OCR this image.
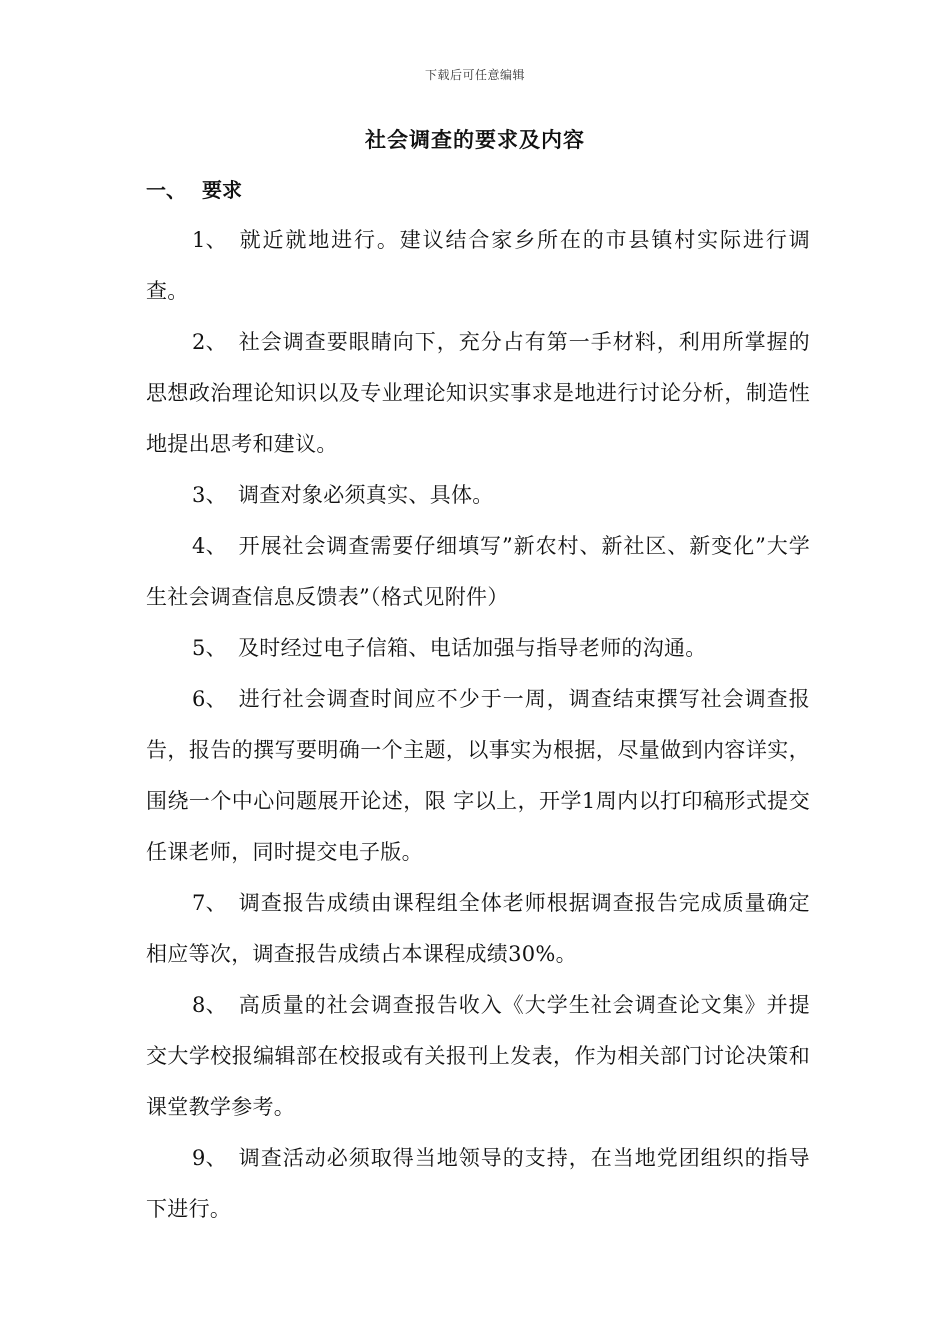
下载后可任意编辑
社会调查的要求及内容
一、 要求

1、 就近就地进行。建议结合家乡所在的市县镇村实际进行调查。

2、 社会调查要眼睛向下，充分占有第一手材料，利用所掌握的思想政治理论知识以及专业理论知识实事求是地进行讨论分析，制造性地提出思考和建议。

3、 调查对象必须真实、具体。

4、 开展社会调查需要仔细填写”新农村、新社区、新变化”大学生社会调查信息反馈表”（格式见附件）

5、 及时经过电子信箱、电话加强与指导老师的沟通。

6、 进行社会调查时间应不少于一周，调查结束撰写社会调查报告，报告的撰写要明确一个主题，以事实为根据，尽量做到内容详实，围绕一个中心问题展开论述，限 字以上，开学1周内以打印稿形式提交任课老师，同时提交电子版。

7、 调查报告成绩由课程组全体老师根据调查报告完成质量确定相应等次，调查报告成绩占本课程成绩30%。

8、 高质量的社会调查报告收入《大学生社会调查论文集》并提交大学校报编辑部在校报或有关报刊上发表，作为相关部门讨论决策和课堂教学参考。

9、 调查活动必须取得当地领导的支持，在当地党团组织的指导下进行。
